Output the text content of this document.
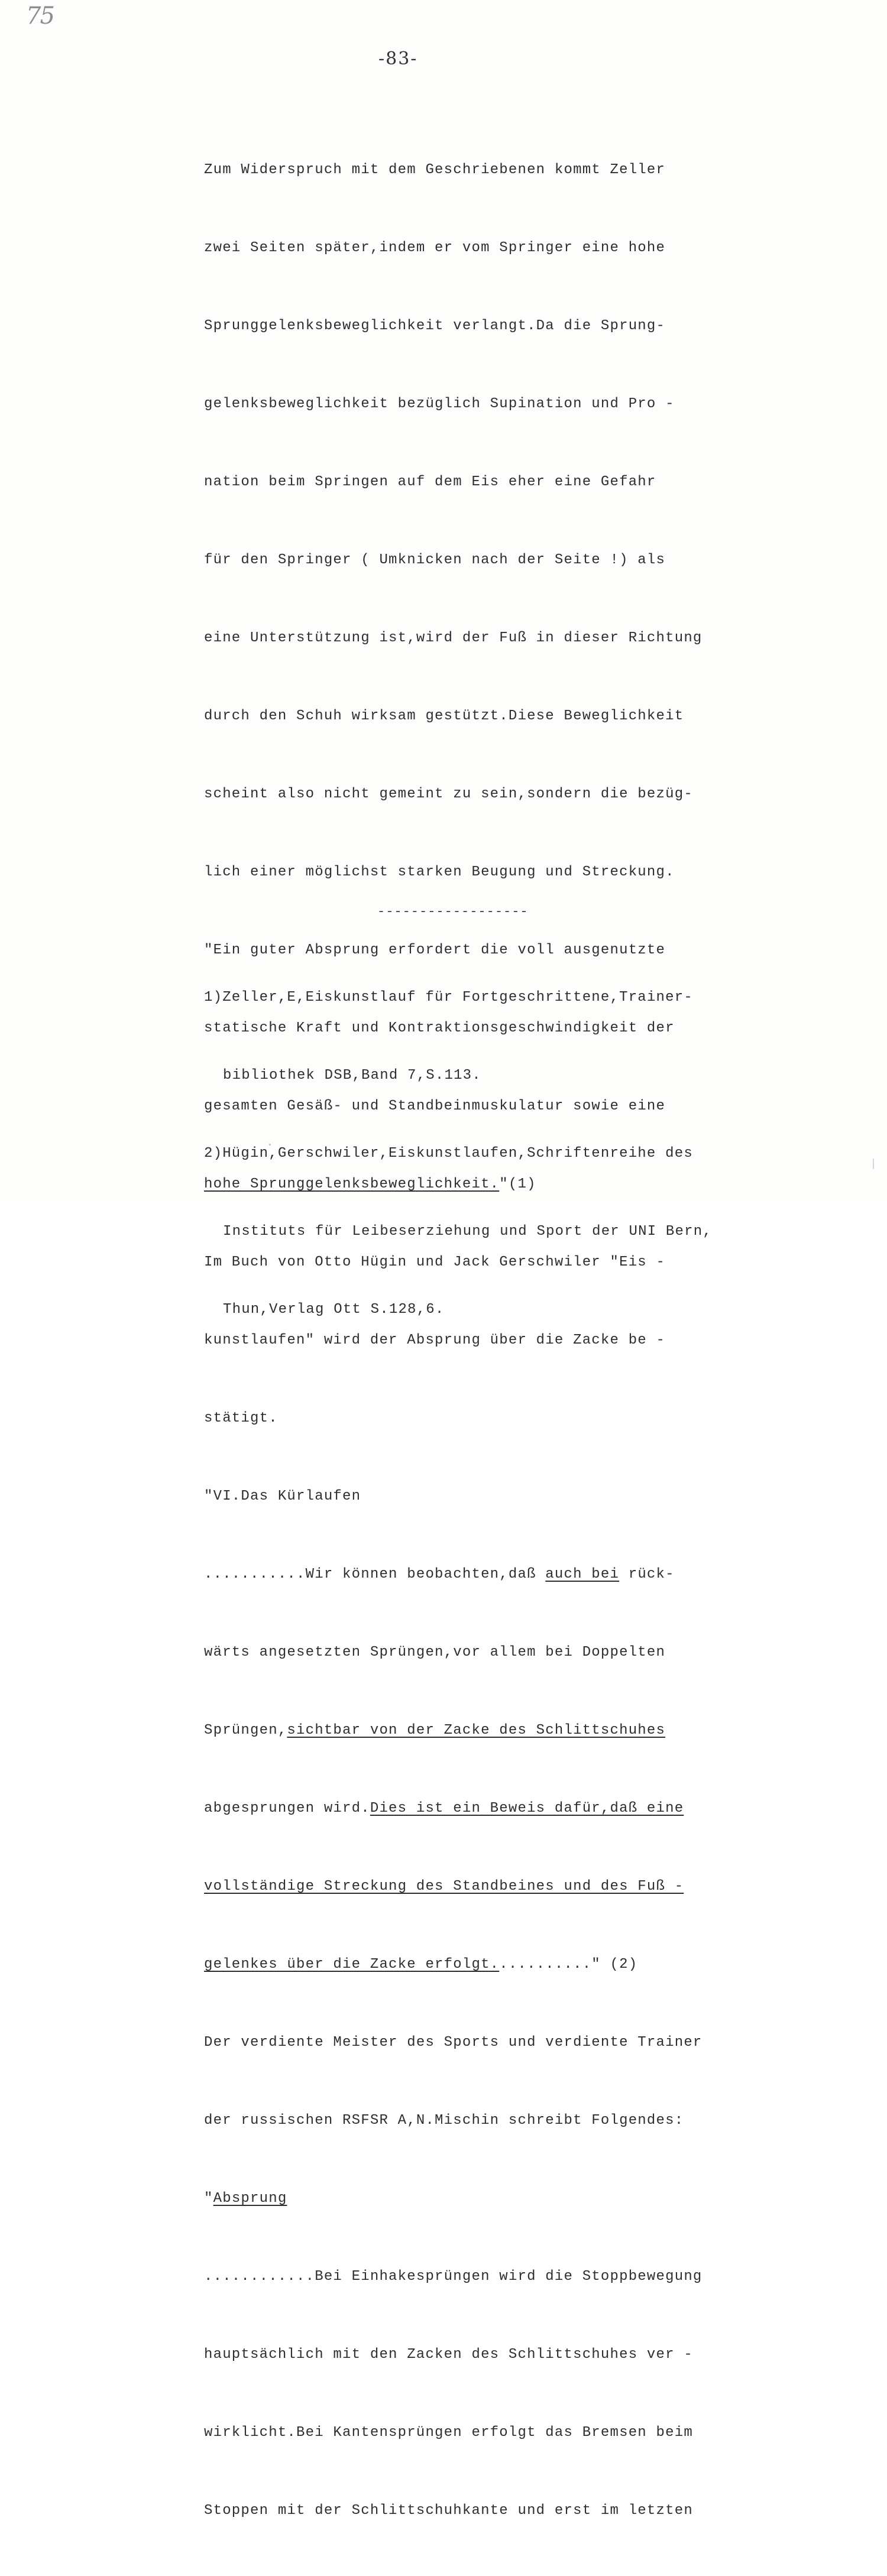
75
-83-

Zum Widerspruch mit dem Geschriebenen kommt Zeller

zwei Seiten später,indem er vom Springer eine hohe

Sprunggelenksbeweglichkeit verlangt.Da die Sprung-

gelenksbeweglichkeit bezüglich Supination und Pro -

nation beim Springen auf dem Eis eher eine Gefahr

für den Springer ( Umknicken nach der Seite !) als

eine Unterstützung ist,wird der Fuß in dieser Richtung

durch den Schuh wirksam gestützt.Diese Beweglichkeit

scheint also nicht gemeint zu sein,sondern die bezüg-

lich einer möglichst starken Beugung und Streckung.

"Ein guter Absprung erfordert die voll ausgenutzte

statische Kraft und Kontraktionsgeschwindigkeit der

gesamten Gesäß- und Standbeinmuskulatur sowie eine

hohe Sprunggelenksbeweglichkeit."(1)

Im Buch von Otto Hügin und Jack Gerschwiler "Eis -

kunstlaufen" wird der Absprung über die Zacke be -

stätigt.

"VI.Das Kürlaufen

...........Wir können beobachten,daß auch bei rück-

wärts angesetzten Sprüngen,vor allem bei Doppelten

Sprüngen,sichtbar von der Zacke des Schlittschuhes

abgesprungen wird.Dies ist ein Beweis dafür,daß eine

vollständige Streckung des Standbeines und des Fuß -

gelenkes über die Zacke erfolgt..........." (2)

Der verdiente Meister des Sports und verdiente Trainer

der russischen RSFSR A,N.Mischin schreibt Folgendes:

"Absprung

............Bei Einhakesprüngen wird die Stoppbewegung

hauptsächlich mit den Zacken des Schlittschuhes ver -

wirklicht.Bei Kantensprüngen erfolgt das Bremsen beim

Stoppen mit der Schlittschuhkante und erst im letzten

------------------

1)Zeller,E,Eiskunstlauf für Fortgeschrittene,Trainer-

bibliothek DSB,Band 7,S.113.

2)Hügin,Gerschwiler,Eiskunstlaufen,Schriftenreihe des

Instituts für Leibeserziehung und Sport der UNI Bern,

Thun,Verlag Ott S.128,6.
